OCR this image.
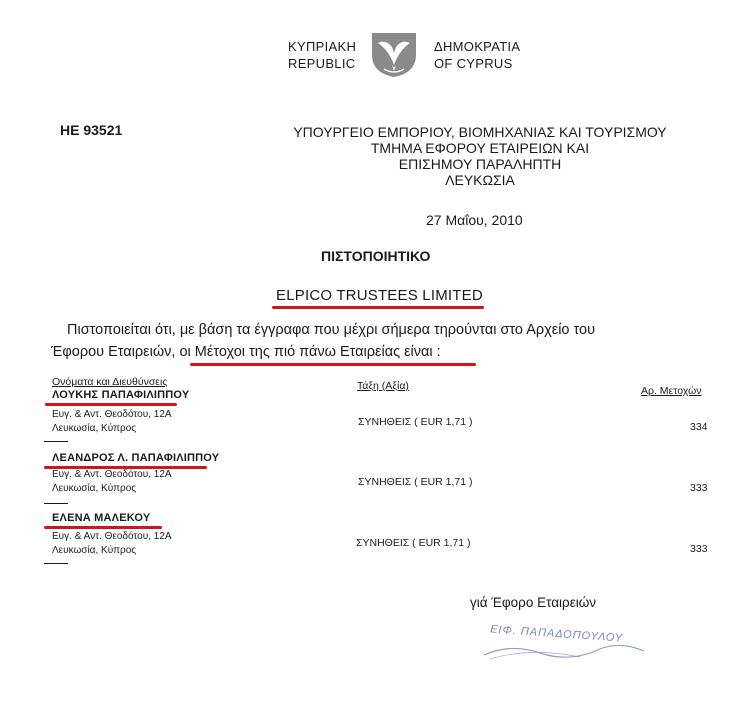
ΚΥΠΡΙΑΚΗ
REPUBLIC
ΔΗΜΟΚΡΑΤΙΑ
OF CYPRUS
HE 93521	ΥΠΟΥΡΓΕΙΟ ΕΜΠΟΡΙΟΥ, ΒΙΟΜΗΧΑΝΙΑΣ ΚΑΙ ΤΟΥΡΙΣΜΟΥ
ΤΜΗΜΑ ΕΦΟΡΟΥ ΕΤΑΙΡΕΙΩΝ ΚΑΙ
ΕΠΙΣΗΜΟΥ ΠΑΡΑΛΗΠΤΗ
ΛΕΥΚΩΣΙΑ
27 Μαΐου, 2010
ΠΙΣΤΟΠΟΙΗΤΙΚΟ
ELPICO TRUSTEES LIMITED
Πιστοποιείται ότι, με βάση τα έγγραφα που μέχρι σήμερα τηρούνται στο Αρχείο του
Έφορου Εταιρειών, οι Μέτοχοι της πιό πάνω Εταιρείας είναι :
Ονόματα και Διευθύνσεις	Τάξη (Αξία)	Αρ. Μετοχών
ΛΟΥΚΗΣ ΠΑΠΑΦΙΛΙΠΠΟΥ
Ευγ. & Αντ. Θεοδότου, 12Α
Λευκωσία, Κύπρος
ΣΥΝΗΘΕΙΣ ( EUR 1,71 )	334
ΛΕΑΝΔΡΟΣ Λ. ΠΑΠΑΦΙΛΙΠΠΟΥ
Ευγ. & Αντ. Θεοδότου, 12Α
Λευκωσία, Κύπρος
ΣΥΝΗΘΕΙΣ ( EUR 1,71 )	333
ΕΛΕΝΑ ΜΑΛΕΚΟΥ
Ευγ. & Αντ. Θεοδότου, 12Α
Λευκωσία, Κύπρος
ΣΥΝΗΘΕΙΣ ( EUR 1,71 )	333
γιά Έφορο Εταιρειών
ΕΙΦ. ΠΑΠΑΔΟΠΟΥΛΟΥ
